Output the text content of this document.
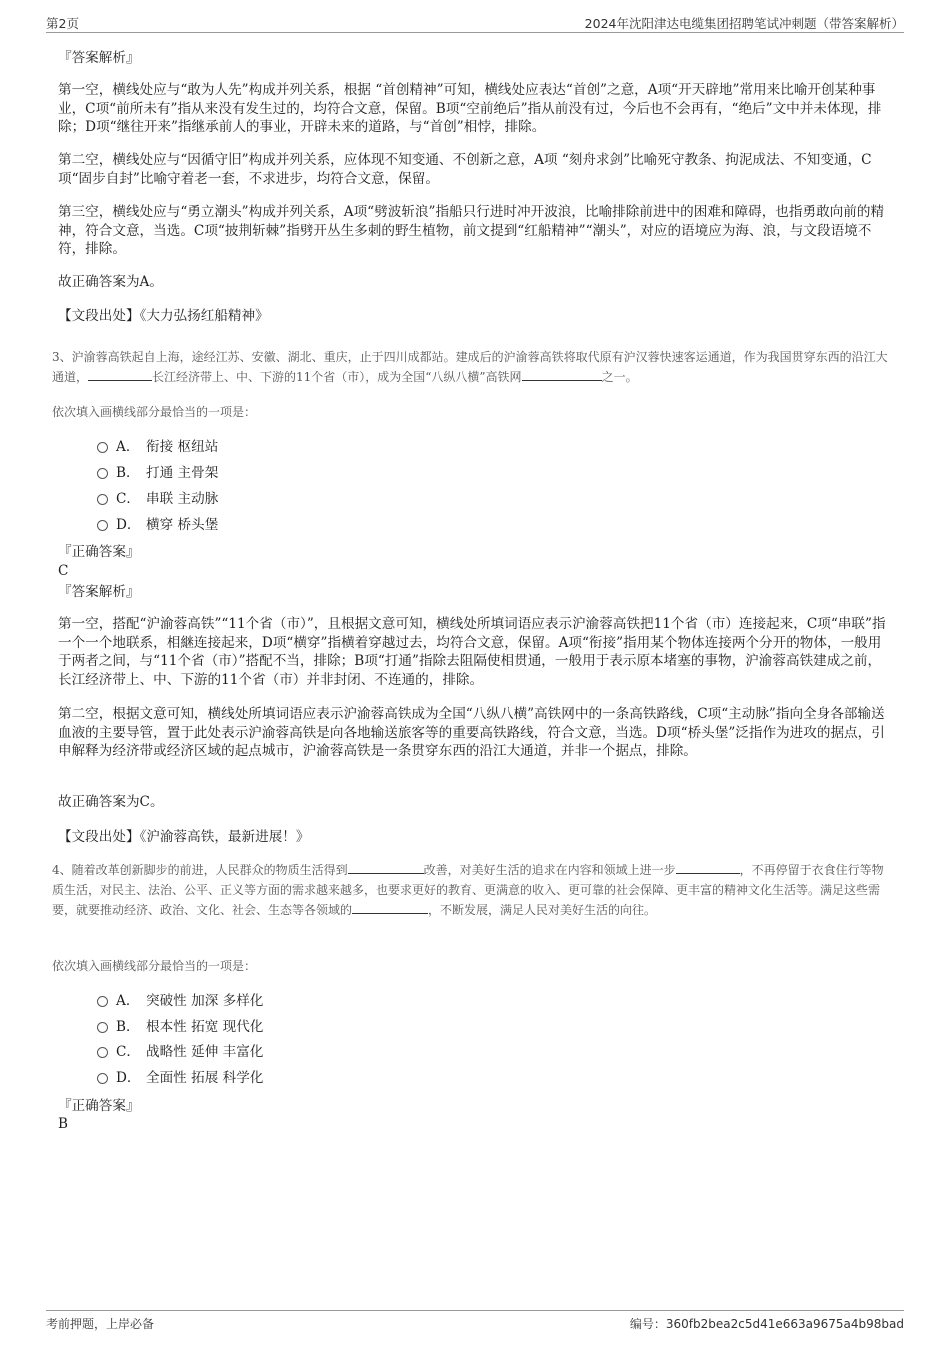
第2页	2024年沈阳津达电缆集团招聘笔试冲刺题（带答案解析）

『答案解析』

第一空，横线处应与“敢为人先”构成并列关系，根据 “首创精神”可知，横线处应表达“首创”之意，A项“开天辟地”常用来比喻开创某种事业，C项“前所未有”指从来没有发生过的，均符合文意，保留。B项“空前绝后”指从前没有过，今后也不会再有，“绝后”文中并未体现，排除；D项“继往开来”指继承前人的事业，开辟未来的道路，与“首创”相悖，排除。

第二空，横线处应与“因循守旧”构成并列关系，应体现不知变通、不创新之意，A项 “刻舟求剑”比喻死守教条、拘泥成法、不知变通，C项“固步自封”比喻守着老一套，不求进步，均符合文意，保留。

第三空，横线处应与“勇立潮头”构成并列关系，A项“劈波斩浪”指船只行进时冲开波浪，比喻排除前进中的困难和障碍，也指勇敢向前的精神，符合文意，当选。C项“披荆斩棘”指劈开丛生多刺的野生植物，前文提到“红船精神”“潮头”，对应的语境应为海、浪，与文段语境不符，排除。

故正确答案为A。

【文段出处】《大力弘扬红船精神》

3、沪渝蓉高铁起自上海，途经江苏、安徽、湖北、重庆，止于四川成都站。建成后的沪渝蓉高铁将取代原有沪汉蓉快速客运通道，作为我国贯穿东西的沿江大通道，	长江经济带上、中、下游的11个省（市），成为全国“八纵八横”高铁网	之一。

依次填入画横线部分最恰当的一项是：

A． 衔接 枢纽站
B． 打通 主骨架
C． 串联 主动脉
D． 横穿 桥头堡

『正确答案』

C

『答案解析』

第一空，搭配“沪渝蓉高铁”“11个省（市）”，且根据文意可知，横线处所填词语应表示沪渝蓉高铁把11个省（市）连接起来，C项“串联”指一个一个地联系，相継连接起来，D项“横穿”指横着穿越过去，均符合文意，保留。A项“衔接”指用某个物体连接两个分开的物体，一般用于两者之间，与“11个省（市）”搭配不当，排除；B项“打通”指除去阻隔使相贯通，一般用于表示原本堵塞的事物，沪渝蓉高铁建成之前，长江经济带上、中、下游的11个省（市）并非封闭、不连通的，排除。

第二空，根据文意可知，横线处所填词语应表示沪渝蓉高铁成为全国“八纵八横”高铁网中的一条高铁路线，C项“主动脉”指向全身各部输送血液的主要导管，置于此处表示沪渝蓉高铁是向各地输送旅客等的重要高铁路线，符合文意，当选。D项“桥头堡”泛指作为进攻的据点，引申解释为经济带或经济区域的起点城市，沪渝蓉高铁是一条贯穿东西的沿江大通道，并非一个据点，排除。

故正确答案为C。

【文段出处】《沪渝蓉高铁，最新进展！》

4、随着改革创新脚步的前进，人民群众的物质生活得到	改善，对美好生活的追求在内容和领域上进一步	，不再停留于衣食住行等物质生活，对民主、法治、公平、正义等方面的需求越来越多，也要求更好的教育、更满意的收入、更可靠的社会保障、更丰富的精神文化生活等。满足这些需要，就要推动经济、政治、文化、社会、生态等各领域的	，不断发展，满足人民对美好生活的向往。

依次填入画横线部分最恰当的一项是：

A． 突破性 加深 多样化
B． 根本性 拓宽 现代化
C． 战略性 延伸 丰富化
D． 全面性 拓展 科学化

『正确答案』

B

考前押题，上岸必备	编号：360fb2bea2c5d41e663a9675a4b98bad
